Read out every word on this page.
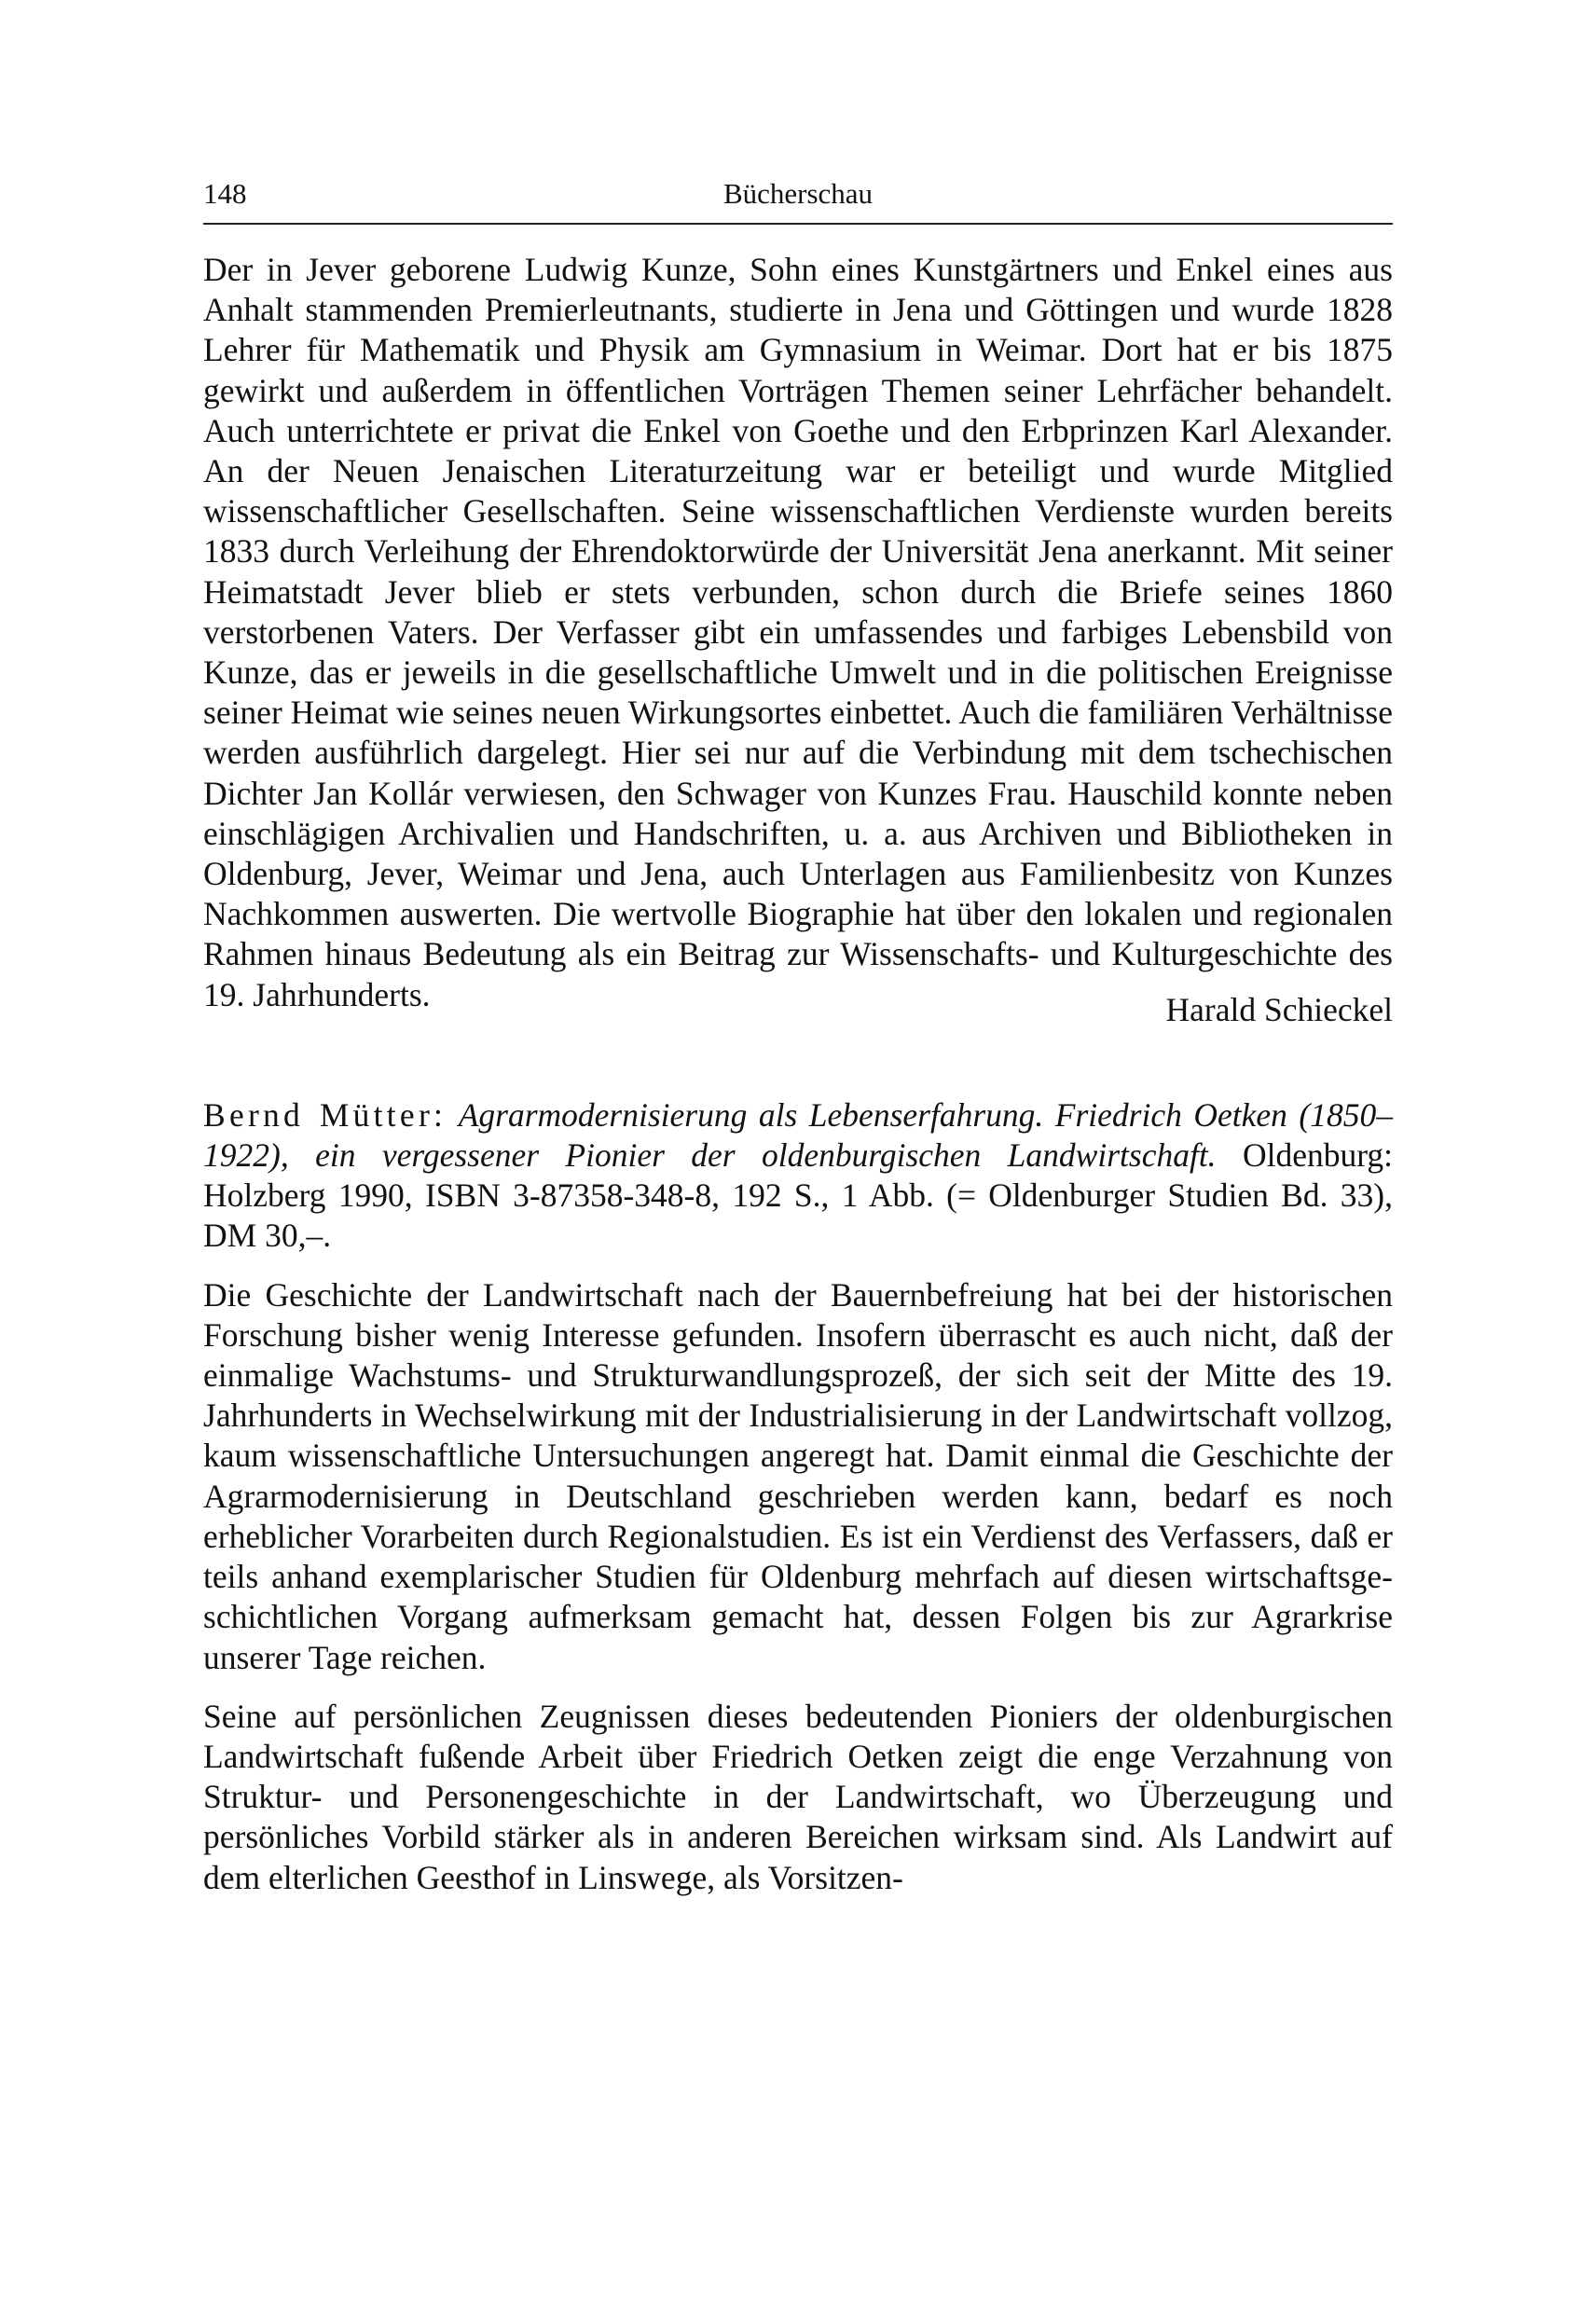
148	Bücherschau

Der in Jever geborene Ludwig Kunze, Sohn eines Kunstgärtners und Enkel eines aus Anhalt stammenden Premierleutnants, studierte in Jena und Göttingen und wurde 1828 Lehrer für Mathematik und Physik am Gymnasium in Weimar. Dort hat er bis 1875 gewirkt und außerdem in öffentlichen Vorträgen Themen seiner Lehrfächer behandelt. Auch unterrichtete er privat die Enkel von Goethe und den Erbprinzen Karl Alexander. An der Neuen Jenaischen Literaturzeitung war er beteiligt und wurde Mitglied wissenschaftlicher Gesellschaften. Seine wissenschaftlichen Verdienste wurden bereits 1833 durch Verleihung der Ehrendoktorwürde der Universität Jena anerkannt. Mit seiner Heimatstadt Jever blieb er stets verbunden, schon durch die Briefe seines 1860 verstorbenen Vaters. Der Verfasser gibt ein umfassendes und farbiges Lebensbild von Kunze, das er jeweils in die gesellschaftliche Umwelt und in die politischen Ereignisse seiner Heimat wie seines neuen Wirkungsortes einbettet. Auch die familiären Verhältnisse werden ausführlich dargelegt. Hier sei nur auf die Verbindung mit dem tschechischen Dichter Jan Kollár verwiesen, den Schwager von Kunzes Frau. Hauschild konnte neben einschlägigen Archivalien und Handschriften, u. a. aus Archiven und Bibliotheken in Oldenburg, Jever, Weimar und Jena, auch Unterlagen aus Familienbesitz von Kunzes Nachkommen auswerten. Die wertvolle Biographie hat über den lokalen und regionalen Rahmen hinaus Bedeutung als ein Beitrag zur Wissenschafts- und Kulturgeschichte des 19. Jahrhunderts.	Harald Schieckel

Bernd Mütter: Agrarmodernisierung als Lebenserfahrung. Friedrich Oetken (1850–1922), ein vergessener Pionier der oldenburgischen Landwirtschaft. Oldenburg: Holzberg 1990, ISBN 3-87358-348-8, 192 S., 1 Abb. (= Oldenburger Studien Bd. 33), DM 30,–.

Die Geschichte der Landwirtschaft nach der Bauernbefreiung hat bei der historischen Forschung bisher wenig Interesse gefunden. Insofern überrascht es auch nicht, daß der einmalige Wachstums- und Strukturwandlungsprozeß, der sich seit der Mitte des 19. Jahrhunderts in Wechselwirkung mit der Industrialisierung in der Landwirtschaft vollzog, kaum wissenschaftliche Untersuchungen angeregt hat. Damit einmal die Geschichte der Agrarmodernisierung in Deutschland geschrieben werden kann, bedarf es noch erheblicher Vorarbeiten durch Regionalstudien. Es ist ein Verdienst des Verfassers, daß er teils anhand exemplarischer Studien für Oldenburg mehrfach auf diesen wirtschaftsgeschichtlichen Vorgang aufmerksam gemacht hat, dessen Folgen bis zur Agrarkrise unserer Tage reichen.

Seine auf persönlichen Zeugnissen dieses bedeutenden Pioniers der oldenburgischen Landwirtschaft fußende Arbeit über Friedrich Oetken zeigt die enge Verzahnung von Struktur- und Personengeschichte in der Landwirtschaft, wo Überzeugung und persönliches Vorbild stärker als in anderen Bereichen wirksam sind. Als Landwirt auf dem elterlichen Geesthof in Linswege, als Vorsitzen-
